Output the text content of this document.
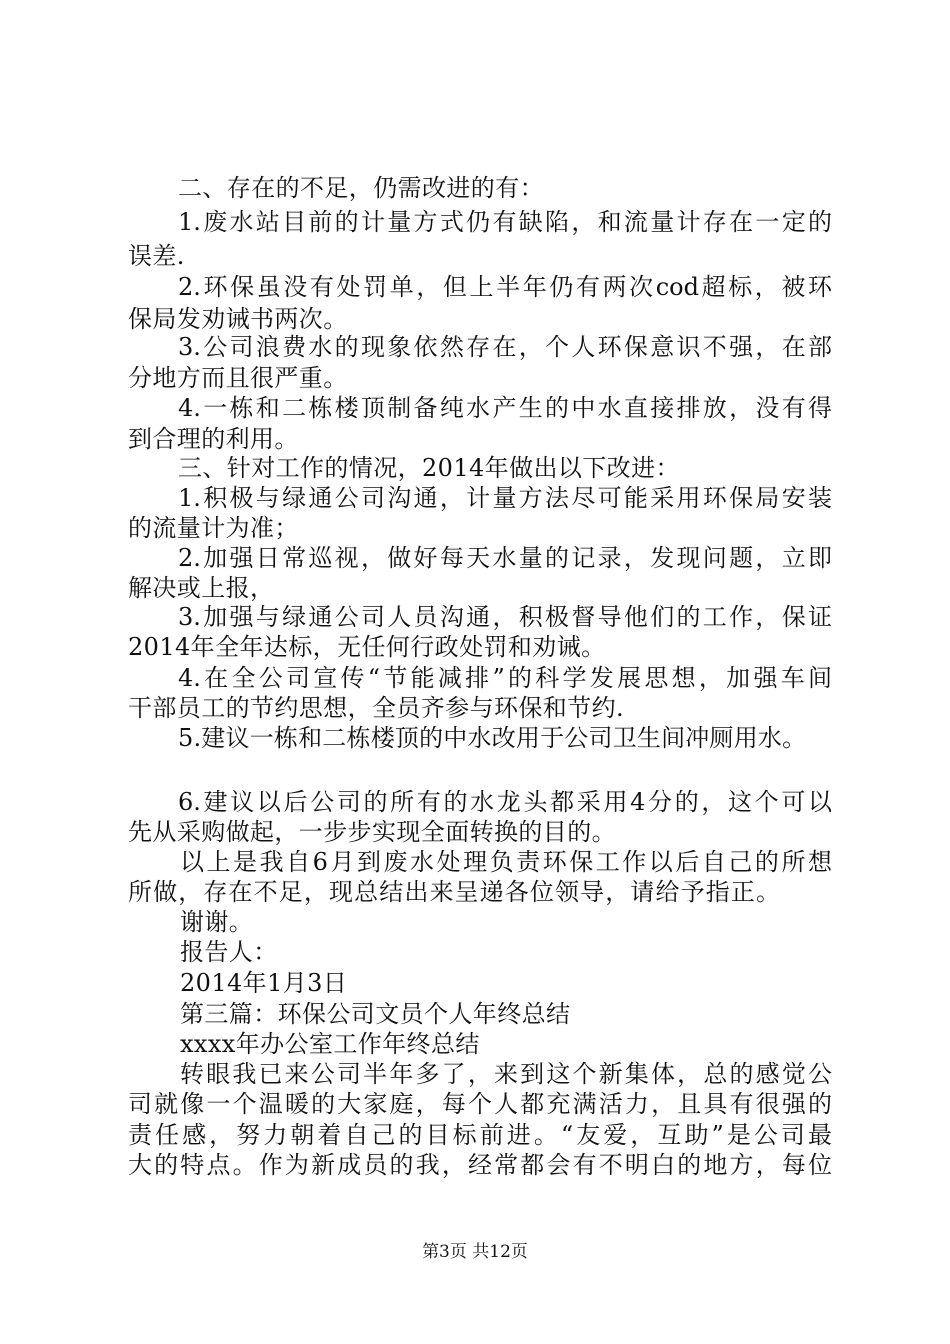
二、存在的不足，仍需改进的有：
1.废水站目前的计量方式仍有缺陷，和流量计存在一定的
误差.
2.环保虽没有处罚单，但上半年仍有两次cod超标，被环
保局发劝诫书两次。
3.公司浪费水的现象依然存在，个人环保意识不强，在部
分地方而且很严重。
4.一栋和二栋楼顶制备纯水产生的中水直接排放，没有得
到合理的利用。
三、针对工作的情况，2014年做出以下改进：
1.积极与绿通公司沟通，计量方法尽可能采用环保局安装
的流量计为准；
2.加强日常巡视，做好每天水量的记录，发现问题，立即
解决或上报，
3.加强与绿通公司人员沟通，积极督导他们的工作，保证
2014年全年达标，无任何行政处罚和劝诫。
4.在全公司宣传“节能减排”的科学发展思想，加强车间
干部员工的节约思想，全员齐参与环保和节约.
5.建议一栋和二栋楼顶的中水改用于公司卫生间冲厕用水。
6.建议以后公司的所有的水龙头都采用4分的，这个可以
先从采购做起，一步步实现全面转换的目的。
以上是我自6月到废水处理负责环保工作以后自己的所想
所做，存在不足，现总结出来呈递各位领导，请给予指正。
谢谢。
报告人：
2014年1月3日
第三篇：环保公司文员个人年终总结
xxxx年办公室工作年终总结
转眼我已来公司半年多了，来到这个新集体，总的感觉公
司就像一个温暖的大家庭，每个人都充满活力，且具有很强的
责任感，努力朝着自己的目标前进。“友爱，互助”是公司最
大的特点。作为新成员的我，经常都会有不明白的地方，每位
第3页 共12页
